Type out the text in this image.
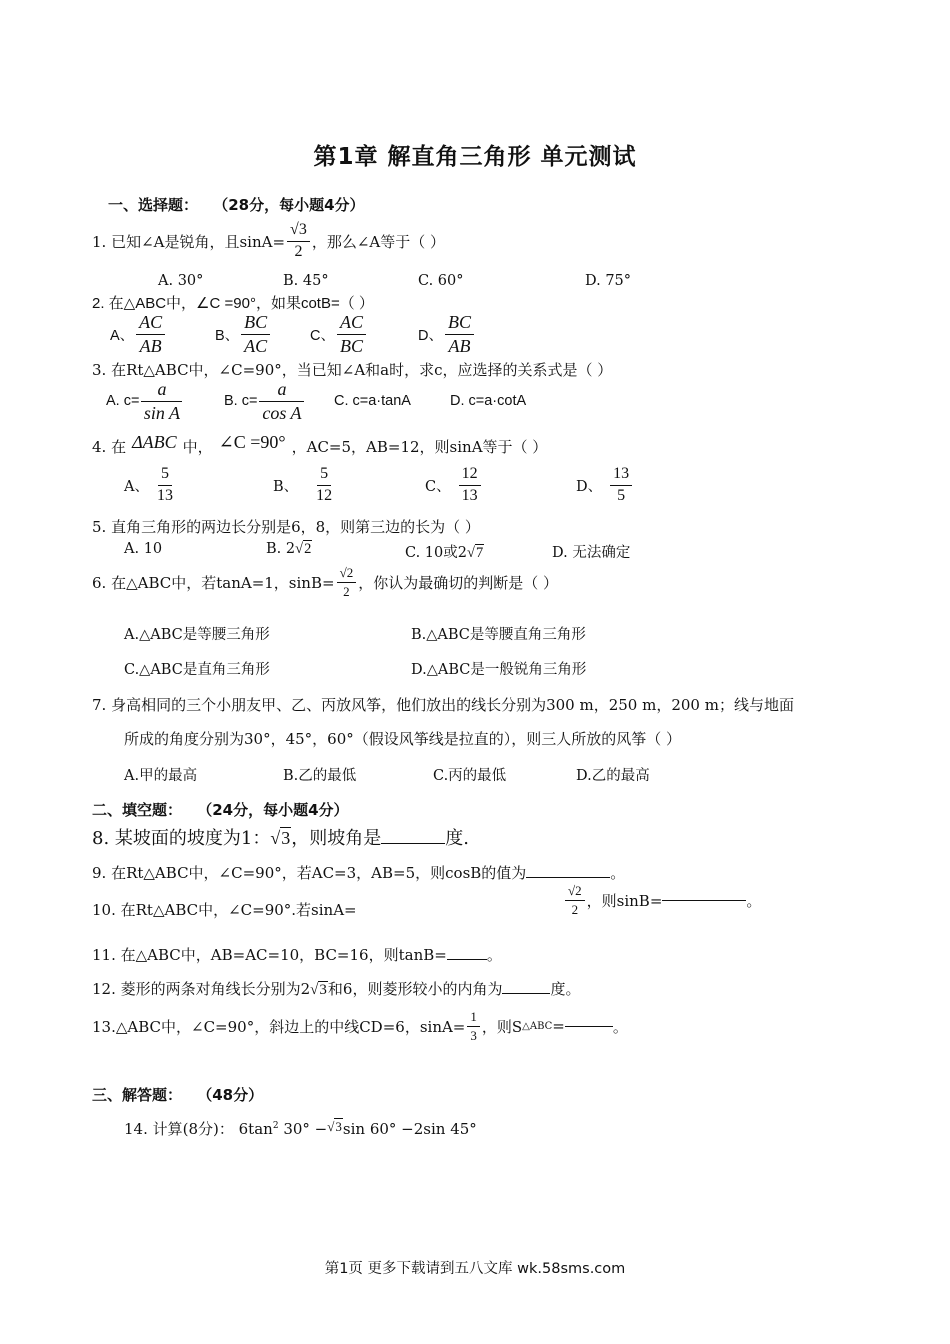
第1章 解直角三角形 单元测试
一、选择题： （28分，每小题4分）
1. 已知∠A是锐角，且$\sin A= \frac{√3}{2}$ ，那么∠A等于（ ）
A. 30°	B. 45°	C. 60°	D. 75°
2. 在△ABC中，∠C =90°，如果cotB=（ ）
A、 $\frac{AC}{AB}$	B、 $\frac{BC}{AC}$	C、 $\frac{AC}{BC}$	D、 $\frac{BC}{AB}$
3. 在Rt△ABC中，∠C=90°，当已知∠A和a时，求c，应选择的关系式是（ ）
A. $c= \frac{a}{\text{sin A}}$	B. $c= \frac{a}{\text{cos A}} C$. c=a·tanA	D. c=a·cotA
4. 在 ΔABC 中， ∠C =90° ，AC=5，AB=12，则sinA等于（ ）
A、 $\frac{5}{13}$	B、 $\frac{5}{12}$	C、 $\frac{12}{13}$	D、 $\frac{13}{5}$
5. 直角三角形的两边长分别是6，8，则第三边的长为（ ）
A. 10	B. 2√2	C. 10或2√7	D. 无法确定
6. 在△ABC中，若tanA=1，$\sin B= \frac{√2}{2}$ ，你认为最确切的判断是（ ）
A.△ABC是等腰三角形	B.△ABC是等腰直角三角形
C.△ABC是直角三角形	D.△ABC是一般锐角三角形
7. 身高相同的三个小朋友甲、乙、丙放风筝，他们放出的线长分别为300 m，250 m，200 m；线与地面
所成的角度分别为30°，45°，60°（假设风筝线是拉直的），则三人所放的风筝（ ）
A.甲的最高	B.乙的最低	C.丙的最低	D.乙的最高
二、填空题： （24分，每小题4分）
8. 某坡面的坡度为1：√3，则坡角是	度.
9. 在Rt△ABC中，∠C=90°，若AC=3，AB=5，则cosB的值为	。
10. 在Rt△ABC中，∠C=90°.若sinA=	$\frac{√2}{2}$ ，则sinB=	。
11. 在△ABC中，AB=AC=10，BC=16，则tanB=	。
12. 菱形的两条对角线长分别为2√3和6，则菱形较小的内角为	度。
13.△ABC中，∠C=90°，斜边上的中线CD=6，$\sin A= \frac{1}{3}$ ，则S △ABC =	。
三、解答题： （48分）
14. 计算(8分)： $6\tan^2$ 30° −√3sin 60° −2sin 45°
第1页 更多下载请到五八文库 wk.58sms.com
